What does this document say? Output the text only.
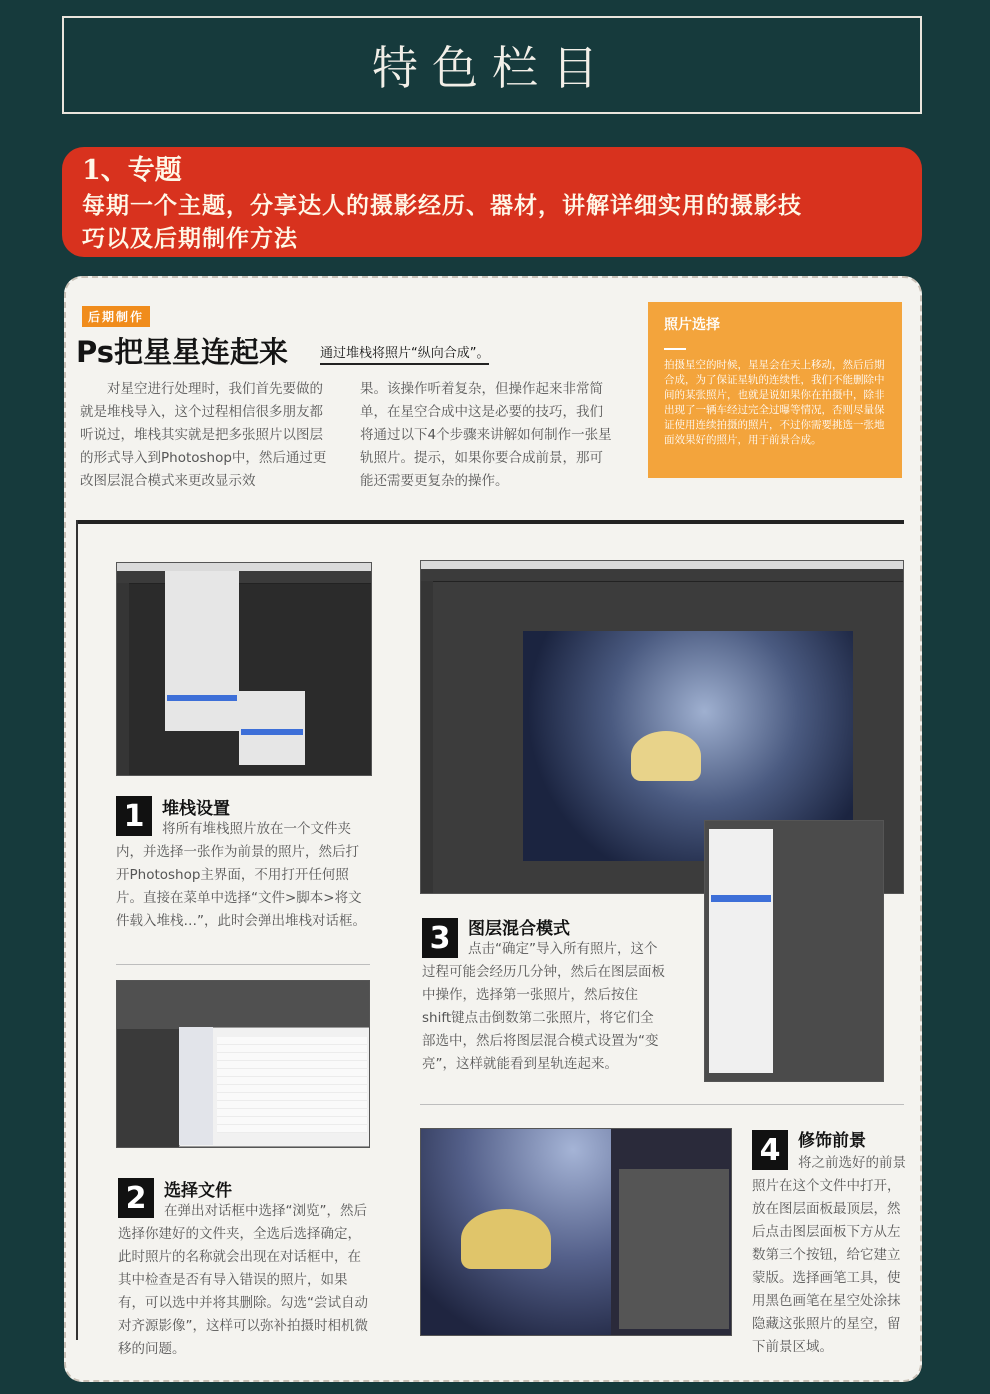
特色栏目
1、专题
每期一个主题，分享达人的摄影经历、器材，讲解详细实用的摄影技
巧以及后期制作方法
后期制作
Ps把星星连起来 通过堆栈将照片“纵向合成”。

对星空进行处理时，我们首先要做的就是堆栈导入，这个过程相信很多朋友都听说过，堆栈其实就是把多张照片以图层的形式导入到Photoshop中，然后通过更改图层混合模式来更改显示效

果。该操作听着复杂，但操作起来非常简单，在星空合成中这是必要的技巧，我们将通过以下4个步骤来讲解如何制作一张星轨照片。提示，如果你要合成前景，那可能还需要更复杂的操作。

照片选择
拍摄星空的时候，星星会在天上移动，然后后期合成，为了保证星轨的连续性，我们不能删除中间的某张照片，也就是说如果你在拍摄中，除非出现了一辆车经过完全过曝等情况，否则尽量保证使用连续拍摄的照片，不过你需要挑选一张地面效果好的照片，用于前景合成。
1	堆栈设置

将所有堆栈照片放在一个文件夹内，并选择一张作为前景的照片，然后打开Photoshop主界面，不用打开任何照片。直接在菜单中选择“文件>脚本>将文件载入堆栈…”，此时会弹出堆栈对话框。

2	选择文件

在弹出对话框中选择“浏览”，然后选择你建好的文件夹，全选后选择确定，此时照片的名称就会出现在对话框中，在其中检查是否有导入错误的照片，如果有，可以选中并将其删除。勾选“尝试自动对齐源影像”，这样可以弥补拍摄时相机微移的问题。

3	图层混合模式

点击“确定”导入所有照片，这个过程可能会经历几分钟，然后在图层面板中操作，选择第一张照片，然后按住shift键点击倒数第二张照片，将它们全部选中，然后将图层混合模式设置为“变亮”，这样就能看到星轨连起来。

4	修饰前景

将之前选好的前景照片在这个文件中打开，放在图层面板最顶层，然后点击图层面板下方从左数第三个按钮，给它建立蒙版。选择画笔工具，使用黑色画笔在星空处涂抹隐藏这张照片的星空，留下前景区域。
